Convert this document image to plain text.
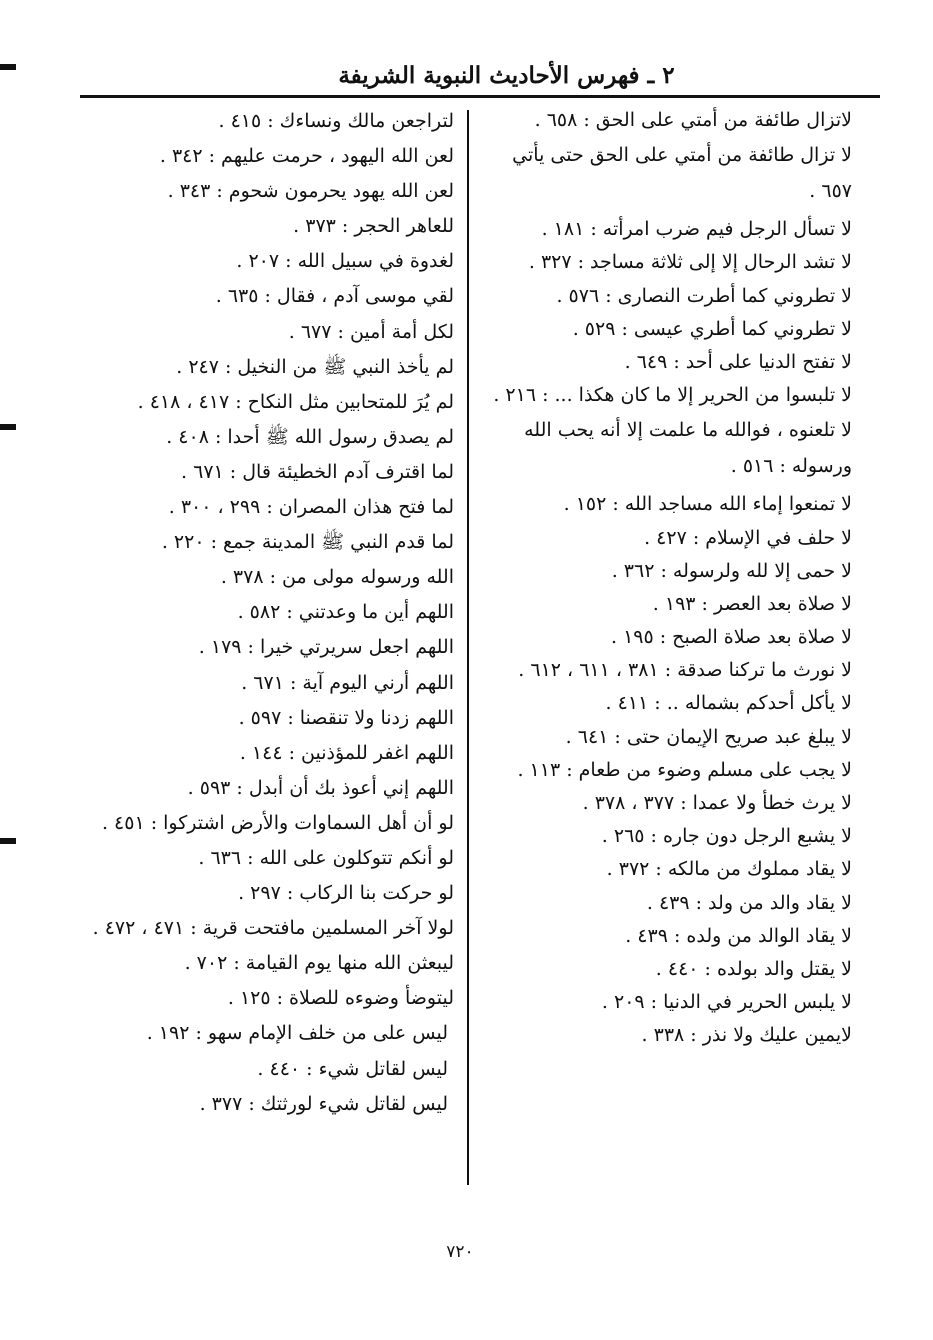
٢ ـ فهرس الأحاديث النبوية الشريفة
لاتزال طائفة من أمتي على الحق : ٦٥٨ .
لا تزال طائفة من أمتي على الحق حتى يأتي ٦٥٧ .
لا تسأل الرجل فيم ضرب امرأته : ١٨١ .
لا تشد الرحال إلا إلى ثلاثة مساجد : ٣٢٧ .
لا تطروني كما أطرت النصارى : ٥٧٦ .
لا تطروني كما أطري عيسى : ٥٢٩ .
لا تفتح الدنيا على أحد : ٦٤٩ .
لا تلبسوا من الحرير إلا ما كان هكذا ... : ٢١٦ .
لا تلعنوه ، فوالله ما علمت إلا أنه يحب الله ورسوله : ٥١٦ .
لا تمنعوا إماء الله مساجد الله : ١٥٢ .
لا حلف في الإسلام : ٤٢٧ .
لا حمى إلا لله ولرسوله : ٣٦٢ .
لا صلاة بعد العصر : ١٩٣ .
لا صلاة بعد صلاة الصبح : ١٩٥ .
لا نورث ما تركنا صدقة : ٣٨١ ، ٦١١ ، ٦١٢ .
لا يأكل أحدكم بشماله .. : ٤١١ .
لا يبلغ عبد صريح الإيمان حتى : ٦٤١ .
لا يجب على مسلم وضوء من طعام : ١١٣ .
لا يرث خطأ ولا عمدا : ٣٧٧ ، ٣٧٨ .
لا يشبع الرجل دون جاره : ٢٦٥ .
لا يقاد مملوك من مالكه : ٣٧٢ .
لا يقاد والد من ولد : ٤٣٩ .
لا يقاد الوالد من ولده : ٤٣٩ .
لا يقتل والد بولده : ٤٤٠ .
لا يلبس الحرير في الدنيا : ٢٠٩ .
لايمين عليك ولا نذر : ٣٣٨ .
لتراجعن مالك ونساءك : ٤١٥ .
لعن الله اليهود ، حرمت عليهم : ٣٤٢ .
لعن الله يهود يحرمون شحوم : ٣٤٣ .
للعاهر الحجر : ٣٧٣ .
لغدوة في سبيل الله : ٢٠٧ .
لقي موسى آدم ، فقال : ٦٣٥ .
لكل أمة أمين : ٦٧٧ .
لم يأخذ النبي ﷺ من النخيل : ٢٤٧ .
لم يُرَ للمتحابين مثل النكاح : ٤١٧ ، ٤١٨ .
لم يصدق رسول الله ﷺ أحدا : ٤٠٨ .
لما اقترف آدم الخطيئة قال : ٦٧١ .
لما فتح هذان المصران : ٢٩٩ ، ٣٠٠ .
لما قدم النبي ﷺ المدينة جمع : ٢٢٠ .
الله ورسوله مولى من : ٣٧٨ .
اللهم أين ما وعدتني : ٥٨٢ .
اللهم اجعل سريرتي خيرا : ١٧٩ .
اللهم أرني اليوم آية : ٦٧١ .
اللهم زدنا ولا تنقصنا : ٥٩٧ .
اللهم اغفر للمؤذنين : ١٤٤ .
اللهم إني أعوذ بك أن أبدل : ٥٩٣ .
لو أن أهل السماوات والأرض اشتركوا : ٤٥١ .
لو أنكم تتوكلون على الله : ٦٣٦ .
لو حركت بنا الركاب : ٢٩٧ .
لولا آخر المسلمين مافتحت قرية : ٤٧١ ، ٤٧٢ .
ليبعثن الله منها يوم القيامة : ٧٠٢ .
ليتوضأ وضوءه للصلاة : ١٢٥ .
ليس على من خلف الإمام سهو : ١٩٢ .
ليس لقاتل شيء : ٤٤٠ .
ليس لقاتل شيء لورثتك : ٣٧٧ .
٧٢٠
